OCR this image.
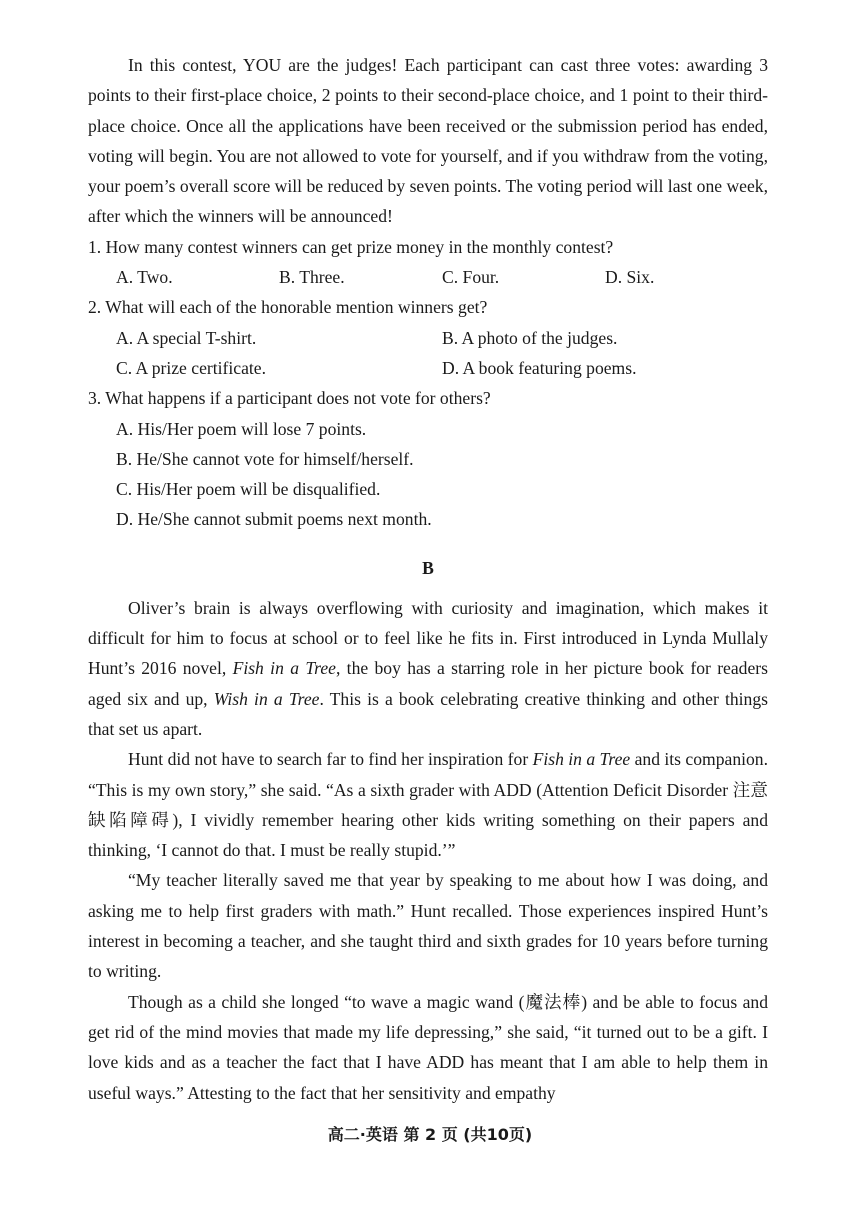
In this contest, YOU are the judges! Each participant can cast three votes: awarding 3 points to their first-place choice, 2 points to their second-place choice, and 1 point to their third-place choice. Once all the applications have been received or the submission period has ended, voting will begin. You are not allowed to vote for yourself, and if you withdraw from the voting, your poem’s overall score will be reduced by seven points. The voting period will last one week, after which the winners will be announced!

1. How many contest winners can get prize money in the monthly contest?
A. Two.	B. Three.	C. Four.	D. Six.
2. What will each of the honorable mention winners get?
A. A special T-shirt.	B. A photo of the judges.
C. A prize certificate.	D. A book featuring poems.
3. What happens if a participant does not vote for others?
A. His/Her poem will lose 7 points.
B. He/She cannot vote for himself/herself.
C. His/Her poem will be disqualified.
D. He/She cannot submit poems next month.
B

Oliver’s brain is always overflowing with curiosity and imagination, which makes it difficult for him to focus at school or to feel like he fits in. First introduced in Lynda Mullaly Hunt’s 2016 novel, Fish in a Tree, the boy has a starring role in her picture book for readers aged six and up, Wish in a Tree. This is a book celebrating creative thinking and other things that set us apart.

Hunt did not have to search far to find her inspiration for Fish in a Tree and its companion. “This is my own story,” she said. “As a sixth grader with ADD (Attention Deficit Disorder 注意缺陷障碍), I vividly remember hearing other kids writing something on their papers and thinking, ‘I cannot do that. I must be really stupid.’”

“My teacher literally saved me that year by speaking to me about how I was doing, and asking me to help first graders with math.” Hunt recalled. Those experiences inspired Hunt’s interest in becoming a teacher, and she taught third and sixth grades for 10 years before turning to writing.

Though as a child she longed “to wave a magic wand (魔法棒) and be able to focus and get rid of the mind movies that made my life depressing,” she said, “it turned out to be a gift. I love kids and as a teacher the fact that I have ADD has meant that I am able to help them in useful ways.” Attesting to the fact that her sensitivity and empathy

高二·英语 第 2 页 (共10页)
